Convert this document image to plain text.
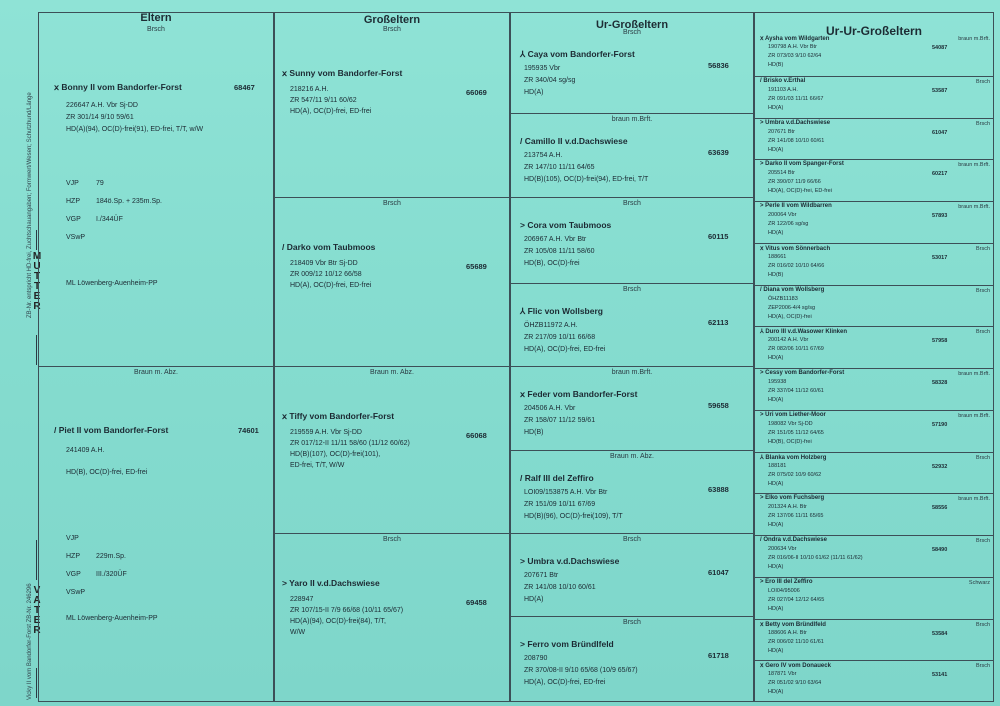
ZB-Nr. entspricht HD-frei, Zuchtschauangaben; Formwert/Wesen; Schutzhund/Länge
Vicky II vom Bandorfer-Forst ZB-Nr. 246296
M
U
T
T
E
R
V
A
T
E
R
Eltern	Großeltern	Ur-Großeltern	Ur-Ur-Großeltern
Brsch
ⅹ Bonny II vom Bandorfer-Forst	68467
226647 A.H. Vbr Sj-DD
ZR 301/14 9/10 59/61
HD(A)(94), OC(D)-frei(91), ED-frei, T/T, w/W
VJP 79
HZP 184ö.Sp. + 235m.Sp.
VGP I./344ÜF
VSwP
ML Löwenberg-Auenheim-PP
Braun m. Abz.
/ Piet II vom Bandorfer-Forst	74601
241409 A.H.
HD(B), OC(D)-frei, ED-frei
VJP
HZP 229m.Sp.
VGP III./320ÜF
VSwP
ML Löwenberg-Auenheim-PP
Brsch
ⅹ Sunny vom Bandorfer-Forst
66069
218216 A.H.
ZR 547/11 9/11 60/62
HD(A), OC(D)-frei, ED-frei
Brsch
/ Darko vom Taubmoos
65689
218409 Vbr Btr Sj-DD
ZR 009/12 10/12 66/58
HD(A), OC(D)-frei, ED-frei
Braun m. Abz.
ⅹ Tiffy vom Bandorfer-Forst
66068
219559 A.H. Vbr Sj-DD
ZR 017/12-II 11/11 58/60 (11/12 60/62)
HD(B)(107), OC(D)-frei(101),
ED-frei, T/T, W/W
Brsch
> Yaro II v.d.Dachswiese
69458
228947
ZR 107/15-II 7/9 66/68 (10/11 65/67)
HD(A)(94), OC(D)-frei(84), T/T,
W/W
Brsch
⅄ Caya vom Bandorfer-Forst
56836
195935 Vbr
ZR 340/04 sg/sg
HD(A)
braun m.Brft.
/ Camillo II v.d.Dachswiese
63639
213754 A.H.
ZR 147/10 11/11 64/65
HD(B)(105), OC(D)-frei(94), ED-frei, T/T
Brsch
> Cora vom Taubmoos
60115
206967 A.H. Vbr Btr
ZR 105/08 11/11 58/60
HD(B), OC(D)-frei
Brsch
⅄ Flic von Wollsberg
62113
ÖHZB11972 A.H.
ZR 217/09 10/11 66/68
HD(A), OC(D)-frei, ED-frei
braun m.Brft.
ⅹ Feder vom Bandorfer-Forst
59658
204506 A.H. Vbr
ZR 158/07 11/12 59/61
HD(B)
Braun m. Abz.
/ Ralf III del Zeffiro
63888
LOI09/153875 A.H. Vbr Btr
ZR 151/09 10/11 67/69
HD(B)(96), OC(D)-frei(109), T/T
Brsch
> Umbra v.d.Dachswiese
61047
207671 Btr
ZR 141/08 10/10 60/61
HD(A)
Brsch
> Ferro vom Bründlfeld
61718
208790
ZR 370/08-II 9/10 65/68 (10/9 65/67)
HD(A), OC(D)-frei, ED-frei
ⅹ Aysha vom Wildgarten	braun m.Brft.
54087
190798 A.H. Vbr Btr
ZR 073/03 9/10 62/64
HD(B)
/ Brisko v.Erthal	Brsch
53587
191103 A.H.
ZR 091/03 11/11 66/67
HD(A)
> Umbra v.d.Dachswiese	Brsch
61047
207671 Btr
ZR 141/08 10/10 60/61
HD(A)
> Darko II vom Spanger-Forst	braun m.Brft.
60217
205514 Btr
ZR 390/07 11/9 66/66
HD(A), OC(D)-frei, ED-frei
> Perle II vom Wildbarren	braun m.Brft.
57893
200064 Vbr
ZR 122/06 sg/sg
HD(A)
ⅹ Vitus vom Sönnerbach	Brsch
53017
188661
ZR 016/02 10/10 64/66
HD(B)
/ Diana vom Wollsberg	Brsch
ÖHZB11183
ZEP2006-4/4 sg/sg
HD(A), OC(D)-frei
⅄ Duro III v.d.Wasower Klinken	Brsch
57958
200142 A.H. Vbr
ZR 082/06 10/11 67/69
HD(A)
> Cessy vom Bandorfer-Forst	braun m.Brft.
58328
195938
ZR 337/04 11/12 60/61
HD(A)
> Uri vom Liether-Moor	braun m.Brft.
57190
198082 Vbr Sj-DD
ZR 151/05 11/12 64/65
HD(B), OC(D)-frei
⅄ Blanka vom Holzberg	Brsch
52932
188181
ZR 075/02 10/9 60/62
HD(A)
> Elko vom Fuchsberg	braun m.Brft.
58556
201324 A.H. Btr
ZR 137/06 11/11 65/65
HD(A)
/ Ondra v.d.Dachswiese	Brsch
58490
200634 Vbr
ZR 016/06-II 10/10 61/62 (11/11 61/62)
HD(A)
> Ero III del Zeffiro	Schwarz
LOI04/95006
ZR 027/04 12/12 64/65
HD(A)
ⅹ Betty vom Bründlfeld	Brsch
53584
188606 A.H. Btr
ZR 006/02 11/10 61/61
HD(A)
ⅹ Gero IV vom Donaueck	Brsch
53141
187871 Vbr
ZR 051/02 9/10 63/64
HD(A)
